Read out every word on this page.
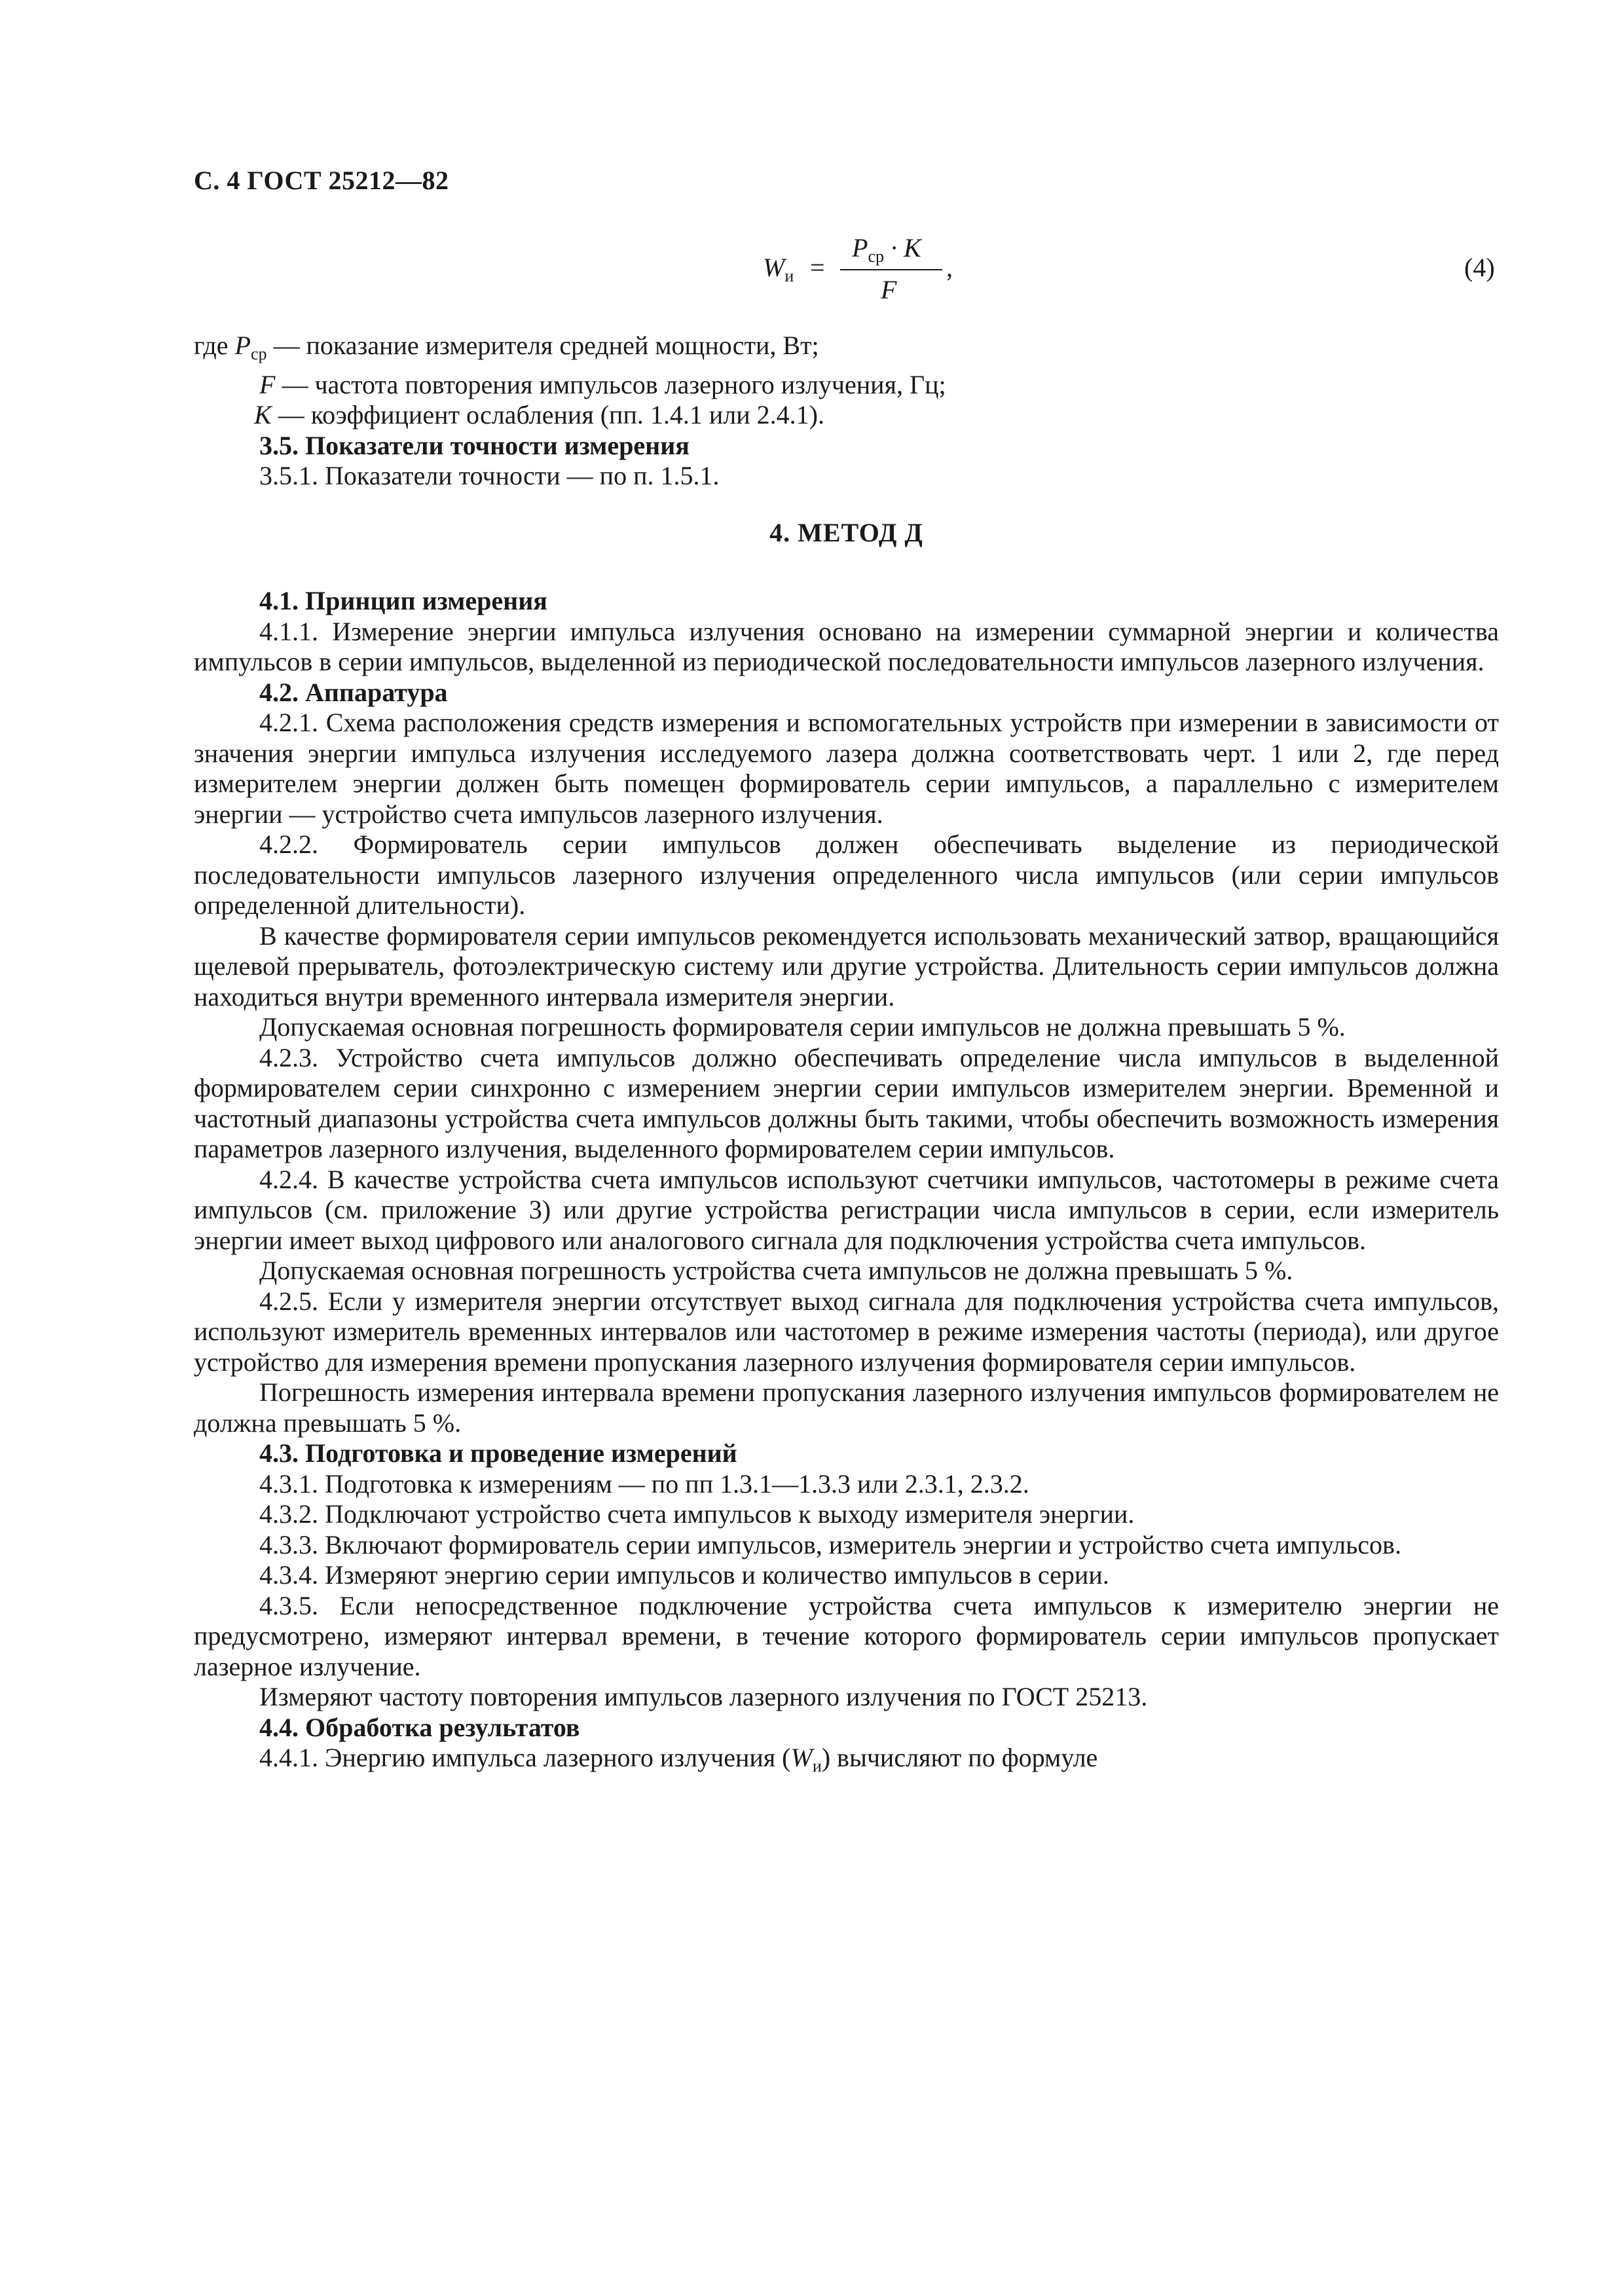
С. 4 ГОСТ 25212—82
$W_и$ =
$P_{ср} \cdot K$
F
,	(4)

где $P_{ср}$ — показание измерителя средней мощности, Вт;

F — частота повторения импульсов лазерного излучения, Гц;

K — коэффициент ослабления (пп. 1.4.1 или 2.4.1).

3.5. Показатели точности измерения

3.5.1. Показатели точности — по п. 1.5.1.

4. МЕТОД Д

4.1. Принцип измерения

4.1.1. Измерение энергии импульса излучения основано на измерении суммарной энергии и количества импульсов в серии импульсов, выделенной из периодической последовательности импульсов лазерного излучения.

4.2. Аппаратура

4.2.1. Схема расположения средств измерения и вспомогательных устройств при измерении в зависимости от значения энергии импульса излучения исследуемого лазера должна соответствовать черт. 1 или 2, где перед измерителем энергии должен быть помещен формирователь серии импульсов, а параллельно с измерителем энергии — устройство счета импульсов лазерного излучения.

4.2.2. Формирователь серии импульсов должен обеспечивать выделение из периодической последовательности импульсов лазерного излучения определенного числа импульсов (или серии импульсов определенной длительности).

В качестве формирователя серии импульсов рекомендуется использовать механический затвор, вращающийся щелевой прерыватель, фотоэлектрическую систему или другие устройства. Длительность серии импульсов должна находиться внутри временного интервала измерителя энергии.

Допускаемая основная погрешность формирователя серии импульсов не должна превышать 5 %.

4.2.3. Устройство счета импульсов должно обеспечивать определение числа импульсов в выделенной формирователем серии синхронно с измерением энергии серии импульсов измерителем энергии. Временной и частотный диапазоны устройства счета импульсов должны быть такими, чтобы обеспечить возможность измерения параметров лазерного излучения, выделенного формирователем серии импульсов.

4.2.4. В качестве устройства счета импульсов используют счетчики импульсов, частотомеры в режиме счета импульсов (см. приложение 3) или другие устройства регистрации числа импульсов в серии, если измеритель энергии имеет выход цифрового или аналогового сигнала для подключения устройства счета импульсов.

Допускаемая основная погрешность устройства счета импульсов не должна превышать 5 %.

4.2.5. Если у измерителя энергии отсутствует выход сигнала для подключения устройства счета импульсов, используют измеритель временных интервалов или частотомер в режиме измерения частоты (периода), или другое устройство для измерения времени пропускания лазерного излучения формирователя серии импульсов.

Погрешность измерения интервала времени пропускания лазерного излучения импульсов формирователем не должна превышать 5 %.

4.3. Подготовка и проведение измерений

4.3.1. Подготовка к измерениям — по пп 1.3.1—1.3.3 или 2.3.1, 2.3.2.

4.3.2. Подключают устройство счета импульсов к выходу измерителя энергии.

4.3.3. Включают формирователь серии импульсов, измеритель энергии и устройство счета импульсов.

4.3.4. Измеряют энергию серии импульсов и количество импульсов в серии.

4.3.5. Если непосредственное подключение устройства счета импульсов к измерителю энергии не предусмотрено, измеряют интервал времени, в течение которого формирователь серии импульсов пропускает лазерное излучение.

Измеряют частоту повторения импульсов лазерного излучения по ГОСТ 25213.

4.4. Обработка результатов

4.4.1. Энергию импульса лазерного излучения $(W_и)$ вычисляют по формуле
